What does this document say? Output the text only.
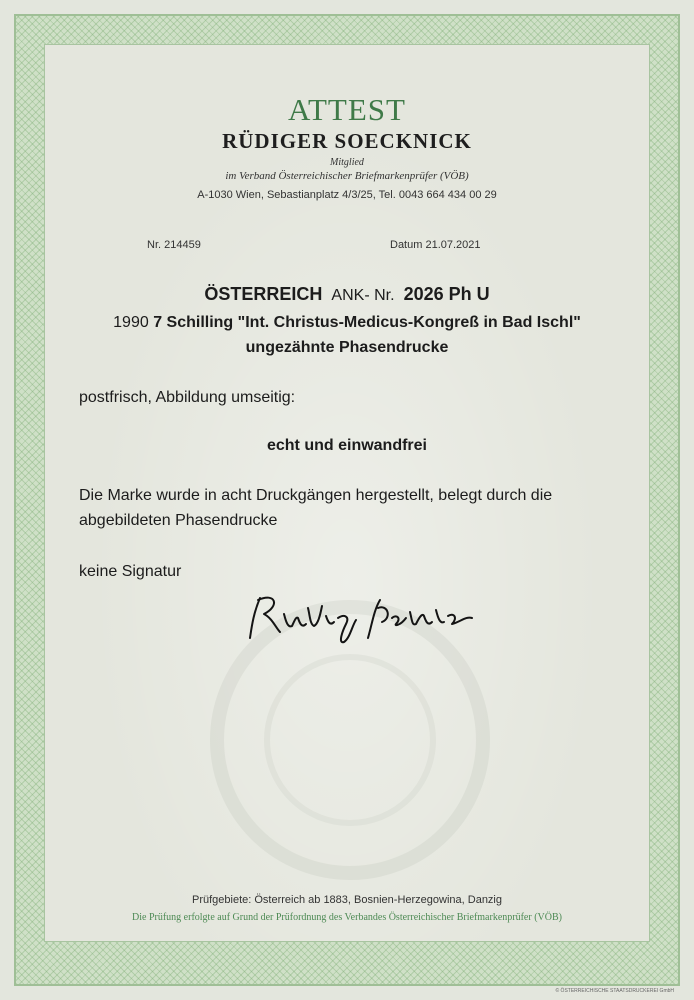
ATTEST
RÜDIGER SOECKNICK
Mitglied
im Verband Österreichischer Briefmarkenprüfer (VÖB)
A-1030 Wien, Sebastianplatz 4/3/25, Tel. 0043 664 434 00 29
Nr. 214459	Datum 21.07.2021
ÖSTERREICH ANK- Nr. 2026 Ph U
1990 7 Schilling "Int. Christus-Medicus-Kongreß in Bad Ischl"
ungezähnte Phasendrucke
postfrisch, Abbildung umseitig:
echt und einwandfrei
Die Marke wurde in acht Druckgängen hergestellt, belegt durch die
abgebildeten Phasendrucke
keine Signatur
Prüfgebiete: Österreich ab 1883, Bosnien-Herzegowina, Danzig
Die Prüfung erfolgte auf Grund der Prüfordnung des Verbandes Österreichischer Briefmarkenprüfer (VÖB)
© ÖSTERREICHISCHE STAATSDRUCKEREI GmbH
